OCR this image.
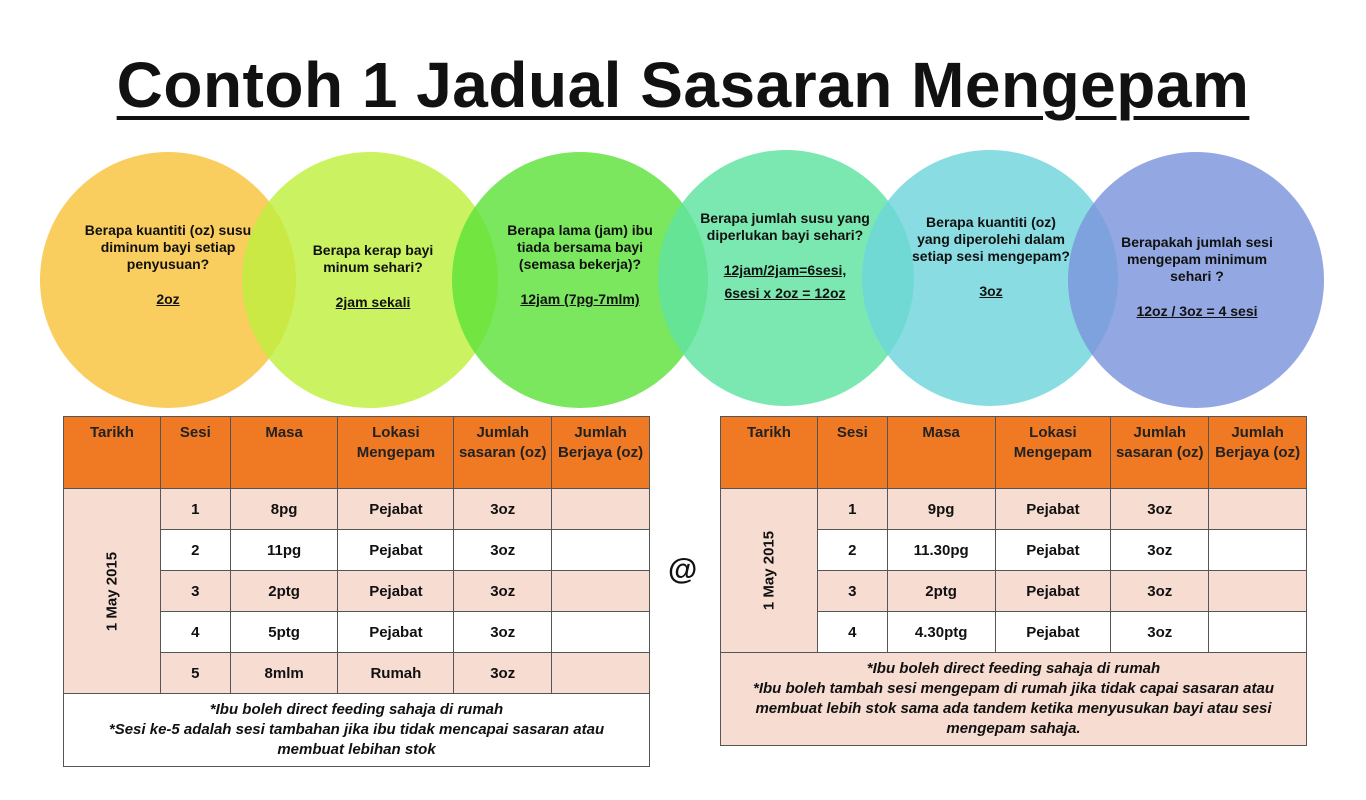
Contoh 1 Jadual Sasaran Mengepam
Berapa kuantiti (oz) susu diminum bayi setiap penyusuan?
2oz
Berapa kerap bayi minum sehari?
2jam sekali
Berapa lama (jam) ibu tiada bersama bayi (semasa bekerja)?
12jam (7pg-7mlm)
Berapa jumlah susu yang diperlukan bayi sehari?
12jam/2jam=6sesi,
6sesi x 2oz = 12oz
Berapa kuantiti (oz) yang diperolehi dalam setiap sesi mengepam?
3oz
Berapakah jumlah sesi mengepam minimum sehari ?
12oz / 3oz = 4 sesi
Tarikh	Sesi	Masa	Lokasi Mengepam	Jumlah sasaran (oz)	Jumlah Berjaya (oz)

1 May 2015	1	8pg	Pejabat	3oz	
	2	11pg	Pejabat	3oz	
	3	2ptg	Pejabat	3oz	
	4	5ptg	Pejabat	3oz	
	5	8mlm	Rumah	3oz	

*Ibu boleh direct feeding sahaja di rumah
*Sesi ke-5 adalah sesi tambahan jika ibu tidak mencapai sasaran atau membuat lebihan stok					
@
Tarikh	Sesi	Masa	Lokasi Mengepam	Jumlah sasaran (oz)	Jumlah Berjaya (oz)

1 May 2015	1	9pg	Pejabat	3oz	
	2	11.30pg	Pejabat	3oz	
	3	2ptg	Pejabat	3oz	
	4	4.30ptg	Pejabat	3oz	

*Ibu boleh direct feeding sahaja di rumah
*Ibu boleh tambah sesi mengepam di rumah jika tidak capai sasaran atau membuat lebih stok sama ada tandem ketika menyusukan bayi atau sesi mengepam sahaja.					
